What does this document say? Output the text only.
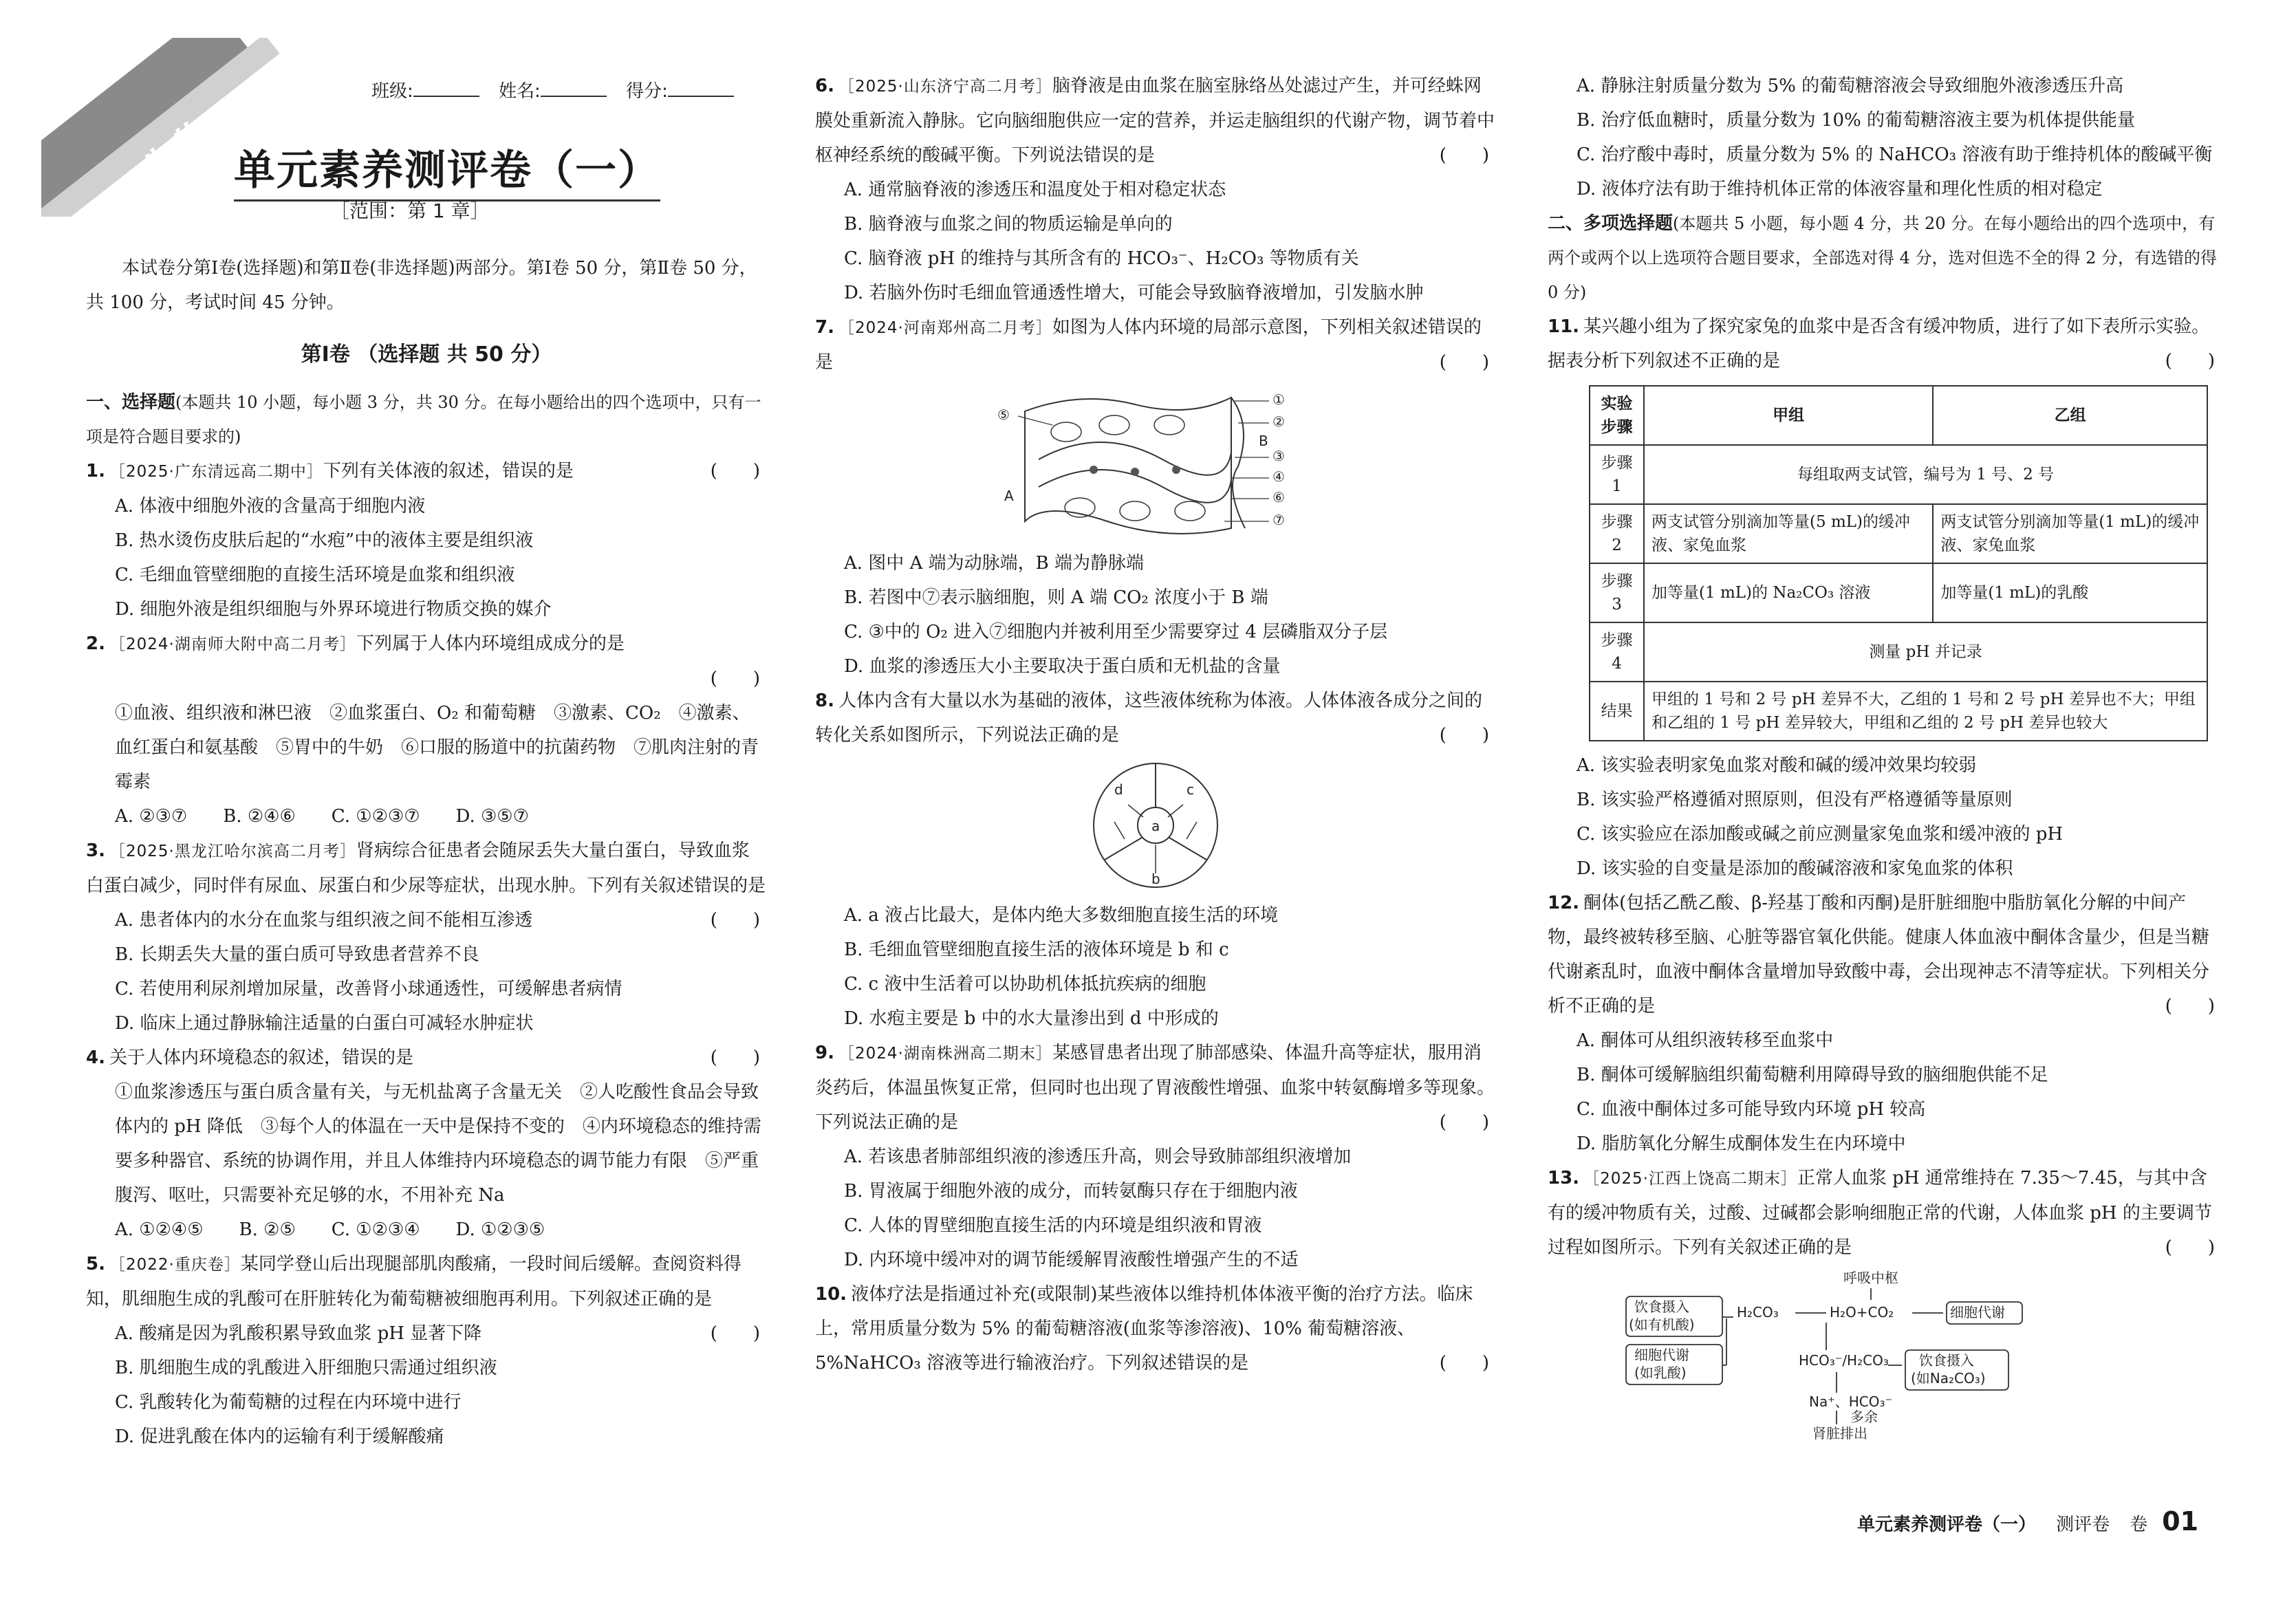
生物
班级:	姓名:	得分:
单元素养测评卷（一）
［范围：第 1 章］
本试卷分第Ⅰ卷(选择题)和第Ⅱ卷(非选择题)两部分。第Ⅰ卷 50 分，第Ⅱ卷 50 分，共 100 分，考试时间 45 分钟。
第Ⅰ卷 （选择题 共 50 分）
一、选择题(本题共 10 小题，每小题 3 分，共 30 分。在每小题给出的四个选项中，只有一项是符合题目要求的)
1. ［2025·广东清远高二期中］下列有关体液的叙述，错误的是	(　　)
A. 体液中细胞外液的含量高于细胞内液
B. 热水烫伤皮肤后起的“水疱”中的液体主要是组织液
C. 毛细血管壁细胞的直接生活环境是血浆和组织液
D. 细胞外液是组织细胞与外界环境进行物质交换的媒介
2. ［2024·湖南师大附中高二月考］下列属于人体内环境组成成分的是
(　　)
①血液、组织液和淋巴液　②血浆蛋白、O₂ 和葡萄糖　③激素、CO₂　④激素、血红蛋白和氨基酸　⑤胃中的牛奶　⑥口服的肠道中的抗菌药物　⑦肌肉注射的青霉素
A. ②③⑦　　B. ②④⑥　　C. ①②③⑦　　D. ③⑤⑦
3. ［2025·黑龙江哈尔滨高二月考］肾病综合征患者会随尿丢失大量白蛋白，导致血浆白蛋白减少，同时伴有尿血、尿蛋白和少尿等症状，出现水肿。下列有关叙述错误的是
(　　)
A. 患者体内的水分在血浆与组织液之间不能相互渗透
B. 长期丢失大量的蛋白质可导致患者营养不良
C. 若使用利尿剂增加尿量，改善肾小球通透性，可缓解患者病情
D. 临床上通过静脉输注适量的白蛋白可减轻水肿症状
4. 关于人体内环境稳态的叙述，错误的是	(　　)
①血浆渗透压与蛋白质含量有关，与无机盐离子含量无关　②人吃酸性食品会导致体内的 pH 降低　③每个人的体温在一天中是保持不变的　④内环境稳态的维持需要多种器官、系统的协调作用，并且人体维持内环境稳态的调节能力有限　⑤严重腹泻、呕吐，只需要补充足够的水，不用补充 Na
A. ①②④⑤　　B. ②⑤　　C. ①②③④　　D. ①②③⑤
5. ［2022·重庆卷］某同学登山后出现腿部肌肉酸痛，一段时间后缓解。查阅资料得知，肌细胞生成的乳酸可在肝脏转化为葡萄糖被细胞再利用。下列叙述正确的是
(　　)
A. 酸痛是因为乳酸积累导致血浆 pH 显著下降
B. 肌细胞生成的乳酸进入肝细胞只需通过组织液
C. 乳酸转化为葡萄糖的过程在内环境中进行
D. 促进乳酸在体内的运输有利于缓解酸痛
6. ［2025·山东济宁高二月考］脑脊液是由血浆在脑室脉络丛处滤过产生，并可经蛛网膜处重新流入静脉。它向脑细胞供应一定的营养，并运走脑组织的代谢产物，调节着中枢神经系统的酸碱平衡。下列说法错误的是	(　　)
A. 通常脑脊液的渗透压和温度处于相对稳定状态
B. 脑脊液与血浆之间的物质运输是单向的
C. 脑脊液 pH 的维持与其所含有的 HCO₃⁻、H₂CO₃ 等物质有关
D. 若脑外伤时毛细血管通透性增大，可能会导致脑脊液增加，引发脑水肿
7. ［2024·河南郑州高二月考］如图为人体内环境的局部示意图，下列相关叙述错误的是	(　　)
①
②
③
④
⑤
⑥
⑦
A
B
A. 图中 A 端为动脉端，B 端为静脉端
B. 若图中⑦表示脑细胞，则 A 端 CO₂ 浓度小于 B 端
C. ③中的 O₂ 进入⑦细胞内并被利用至少需要穿过 4 层磷脂双分子层
D. 血浆的渗透压大小主要取决于蛋白质和无机盐的含量
8. 人体内含有大量以水为基础的液体，这些液体统称为体液。人体体液各成分之间的转化关系如图所示，下列说法正确的是	(　　)
a
b
c
d
A. a 液占比最大，是体内绝大多数细胞直接生活的环境
B. 毛细血管壁细胞直接生活的液体环境是 b 和 c
C. c 液中生活着可以协助机体抵抗疾病的细胞
D. 水疱主要是 b 中的水大量渗出到 d 中形成的
9. ［2024·湖南株洲高二期末］某感冒患者出现了肺部感染、体温升高等症状，服用消炎药后，体温虽恢复正常，但同时也出现了胃液酸性增强、血浆中转氨酶增多等现象。下列说法正确的是	(　　)
A. 若该患者肺部组织液的渗透压升高，则会导致肺部组织液增加
B. 胃液属于细胞外液的成分，而转氨酶只存在于细胞内液
C. 人体的胃壁细胞直接生活的内环境是组织液和胃液
D. 内环境中缓冲对的调节能缓解胃液酸性增强产生的不适
10. 液体疗法是指通过补充(或限制)某些液体以维持机体体液平衡的治疗方法。临床上，常用质量分数为 5% 的葡萄糖溶液(血浆等渗溶液)、10% 葡萄糖溶液、5%NaHCO₃ 溶液等进行输液治疗。下列叙述错误的是	(　　)
A. 静脉注射质量分数为 5% 的葡萄糖溶液会导致细胞外液渗透压升高
B. 治疗低血糖时，质量分数为 10% 的葡萄糖溶液主要为机体提供能量
C. 治疗酸中毒时，质量分数为 5% 的 NaHCO₃ 溶液有助于维持机体的酸碱平衡
D. 液体疗法有助于维持机体正常的体液容量和理化性质的相对稳定
二、多项选择题(本题共 5 小题，每小题 4 分，共 20 分。在每小题给出的四个选项中，有两个或两个以上选项符合题目要求，全部选对得 4 分，选对但选不全的得 2 分，有选错的得 0 分)
11. 某兴趣小组为了探究家兔的血浆中是否含有缓冲物质，进行了如下表所示实验。据表分析下列叙述不正确的是	(　　)
实验步骤	甲组	乙组
步骤 1	每组取两支试管，编号为 1 号、2 号	
步骤 2	两支试管分别滴加等量(5 mL)的缓冲液、家兔血浆	两支试管分别滴加等量(1 mL)的缓冲液、家兔血浆
步骤 3	加等量(1 mL)的 Na₂CO₃ 溶液	加等量(1 mL)的乳酸
步骤 4	测量 pH 并记录	
结果	甲组的 1 号和 2 号 pH 差异不大，乙组的 1 号和 2 号 pH 差异也不大；甲组和乙组的 1 号 pH 差异较大，甲组和乙组的 2 号 pH 差异也较大	
A. 该实验表明家兔血浆对酸和碱的缓冲效果均较弱
B. 该实验严格遵循对照原则，但没有严格遵循等量原则
C. 该实验应在添加酸或碱之前应测量家兔血浆和缓冲液的 pH
D. 该实验的自变量是添加的酸碱溶液和家兔血浆的体积
12. 酮体(包括乙酰乙酸、β-羟基丁酸和丙酮)是肝脏细胞中脂肪氧化分解的中间产物，最终被转移至脑、心脏等器官氧化供能。健康人体血液中酮体含量少，但是当糖代谢紊乱时，血液中酮体含量增加导致酸中毒，会出现神志不清等症状。下列相关分析不正确的是	(　　)
A. 酮体可从组织液转移至血浆中
B. 酮体可缓解脑组织葡萄糖利用障碍导致的脑细胞供能不足
C. 血液中酮体过多可能导致内环境 pH 较高
D. 脂肪氧化分解生成酮体发生在内环境中
13. ［2025·江西上饶高二期末］正常人血浆 pH 通常维持在 7.35～7.45，与其中含有的缓冲物质有关，过酸、过碱都会影响细胞正常的代谢，人体血浆 pH 的主要调节过程如图所示。下列有关叙述正确的是	(　　)
呼吸中枢
H₂CO₃	H₂O+CO₂	细胞代谢
饮食摄入
(如有机酸)
细胞代谢
(如乳酸)
HCO₃⁻/H₂CO₃ 饮食摄入
(如Na₂CO₃)
Na⁺、HCO₃⁻
多余
肾脏排出
单元素养测评卷（一） 测评卷 卷 01
